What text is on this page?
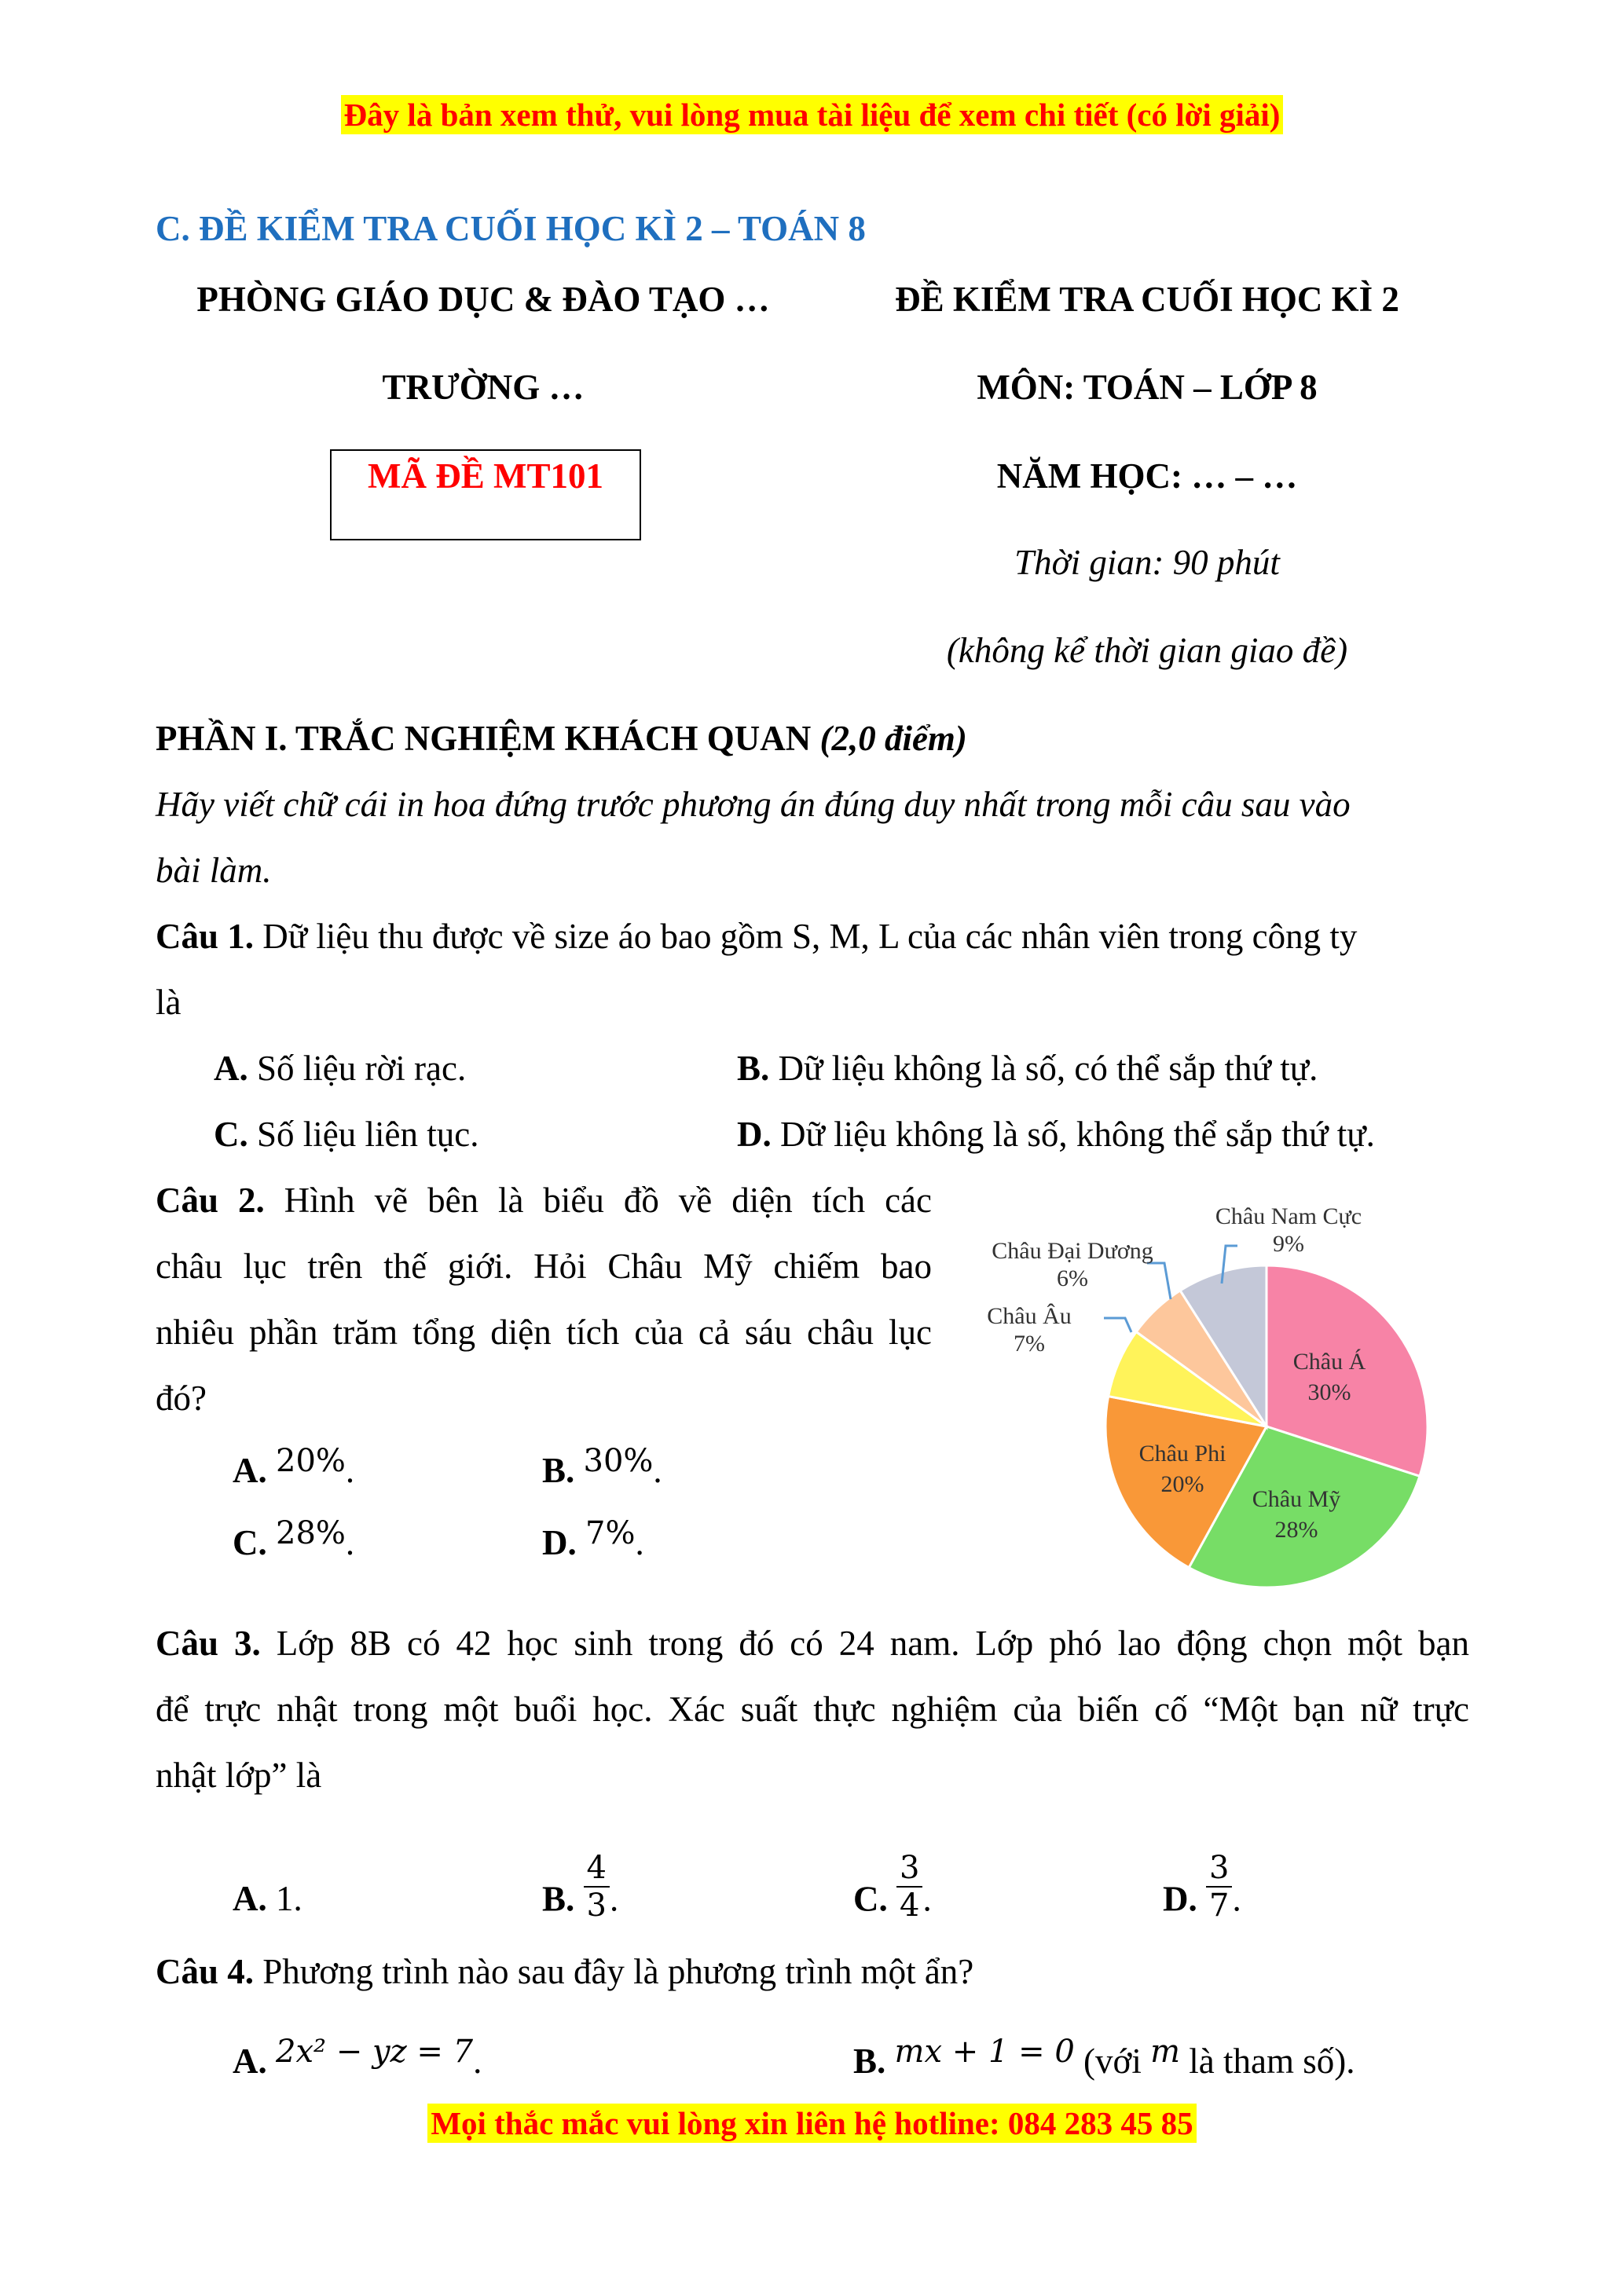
Đây là bản xem thử, vui lòng mua tài liệu để xem chi tiết (có lời giải)
C. ĐỀ KIỂM TRA CUỐI HỌC KÌ 2 – TOÁN 8
PHÒNG GIÁO DỤC & ĐÀO TẠO …
TRƯỜNG …
MÃ ĐỀ MT101
ĐỀ KIỂM TRA CUỐI HỌC KÌ 2
MÔN: TOÁN – LỚP 8
NĂM HỌC: … – …
Thời gian: 90 phút
(không kể thời gian giao đề)
PHẦN I. TRẮC NGHIỆM KHÁCH QUAN (2,0 điểm)
Hãy viết chữ cái in hoa đứng trước phương án đúng duy nhất trong mỗi câu sau vào
bài làm.
Câu 1. Dữ liệu thu được về size áo bao gồm S, M, L của các nhân viên trong công ty
là
A. Số liệu rời rạc.	B. Dữ liệu không là số, có thể sắp thứ tự.
C. Số liệu liên tục.	D. Dữ liệu không là số, không thể sắp thứ tự.
Câu 2. Hình vẽ bên là biểu đồ về diện tích các
châu lục trên thế giới. Hỏi Châu Mỹ chiếm bao
nhiêu phần trăm tổng diện tích của cả sáu châu lục
đó?
A. 20%.	B. 30%.
C. 28%.	D. 7%.
Châu Á
30%
Châu Mỹ
28%
Châu Phi
20%
Châu Âu
7%
Châu Đại Dương
6%
Châu Nam Cực
9%
Câu 3. Lớp 8B có 42 học sinh trong đó có 24 nam. Lớp phó lao động chọn một bạn
để trực nhật trong một buổi học. Xác suất thực nghiệm của biến cố “Một bạn nữ trực
nhật lớp” là
A. 1.	B. $\frac{4}{3}$ .	C. $\frac{3}{4}$ .	D. $\frac{3}{7}$ .
Câu 4. Phương trình nào sau đây là phương trình một ẩn?
A. 2x² − yz = 7.	B. mx + 1 = 0 (với m là tham số).
Mọi thắc mắc vui lòng xin liên hệ hotline: 084 283 45 85
